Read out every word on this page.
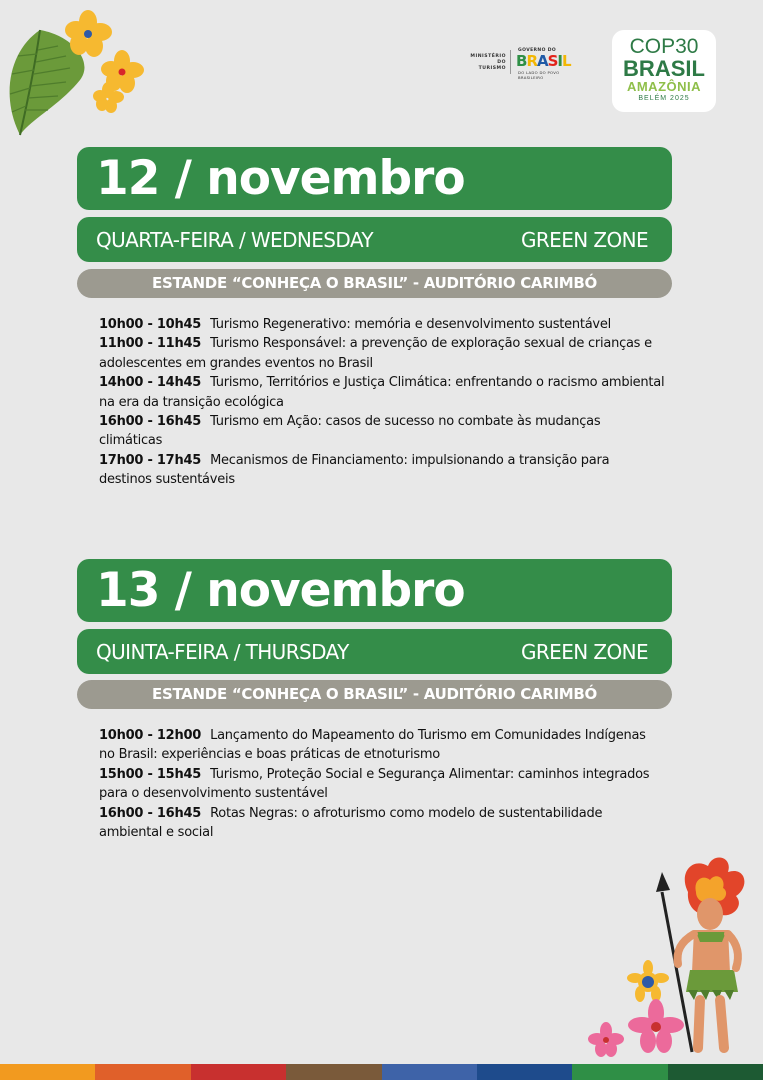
MINISTÉRIO DO
TURISMO
GOVERNO DO
B R A S I L
DO LADO DO POVO BRASILEIRO
COP30
BRASIL
AMAZÔNIA
BELÉM 2025
12 / novembro
QUARTA-FEIRA / WEDNESDAY	GREEN ZONE
ESTANDE “CONHEÇA O BRASIL” - AUDITÓRIO CARIMBÓ

10h00 - 10h45 Turismo Regenerativo: memória e desenvolvimento sustentável

11h00 - 11h45 Turismo Responsável: a prevenção de exploração sexual de crianças e adolescentes em grandes eventos no Brasil

14h00 - 14h45 Turismo, Territórios e Justiça Climática: enfrentando o racismo ambiental na era da transição ecológica

16h00 - 16h45 Turismo em Ação: casos de sucesso no combate às mudanças climáticas

17h00 - 17h45 Mecanismos de Financiamento: impulsionando a transição para destinos sustentáveis

13 / novembro
QUINTA-FEIRA / THURSDAY	GREEN ZONE
ESTANDE “CONHEÇA O BRASIL” - AUDITÓRIO CARIMBÓ

10h00 - 12h00 Lançamento do Mapeamento do Turismo em Comunidades Indígenas no Brasil: experiências e boas práticas de etnoturismo

15h00 - 15h45 Turismo, Proteção Social e Segurança Alimentar: caminhos integrados para o desenvolvimento sustentável

16h00 - 16h45 Rotas Negras: o afroturismo como modelo de sustentabilidade ambiental e social
